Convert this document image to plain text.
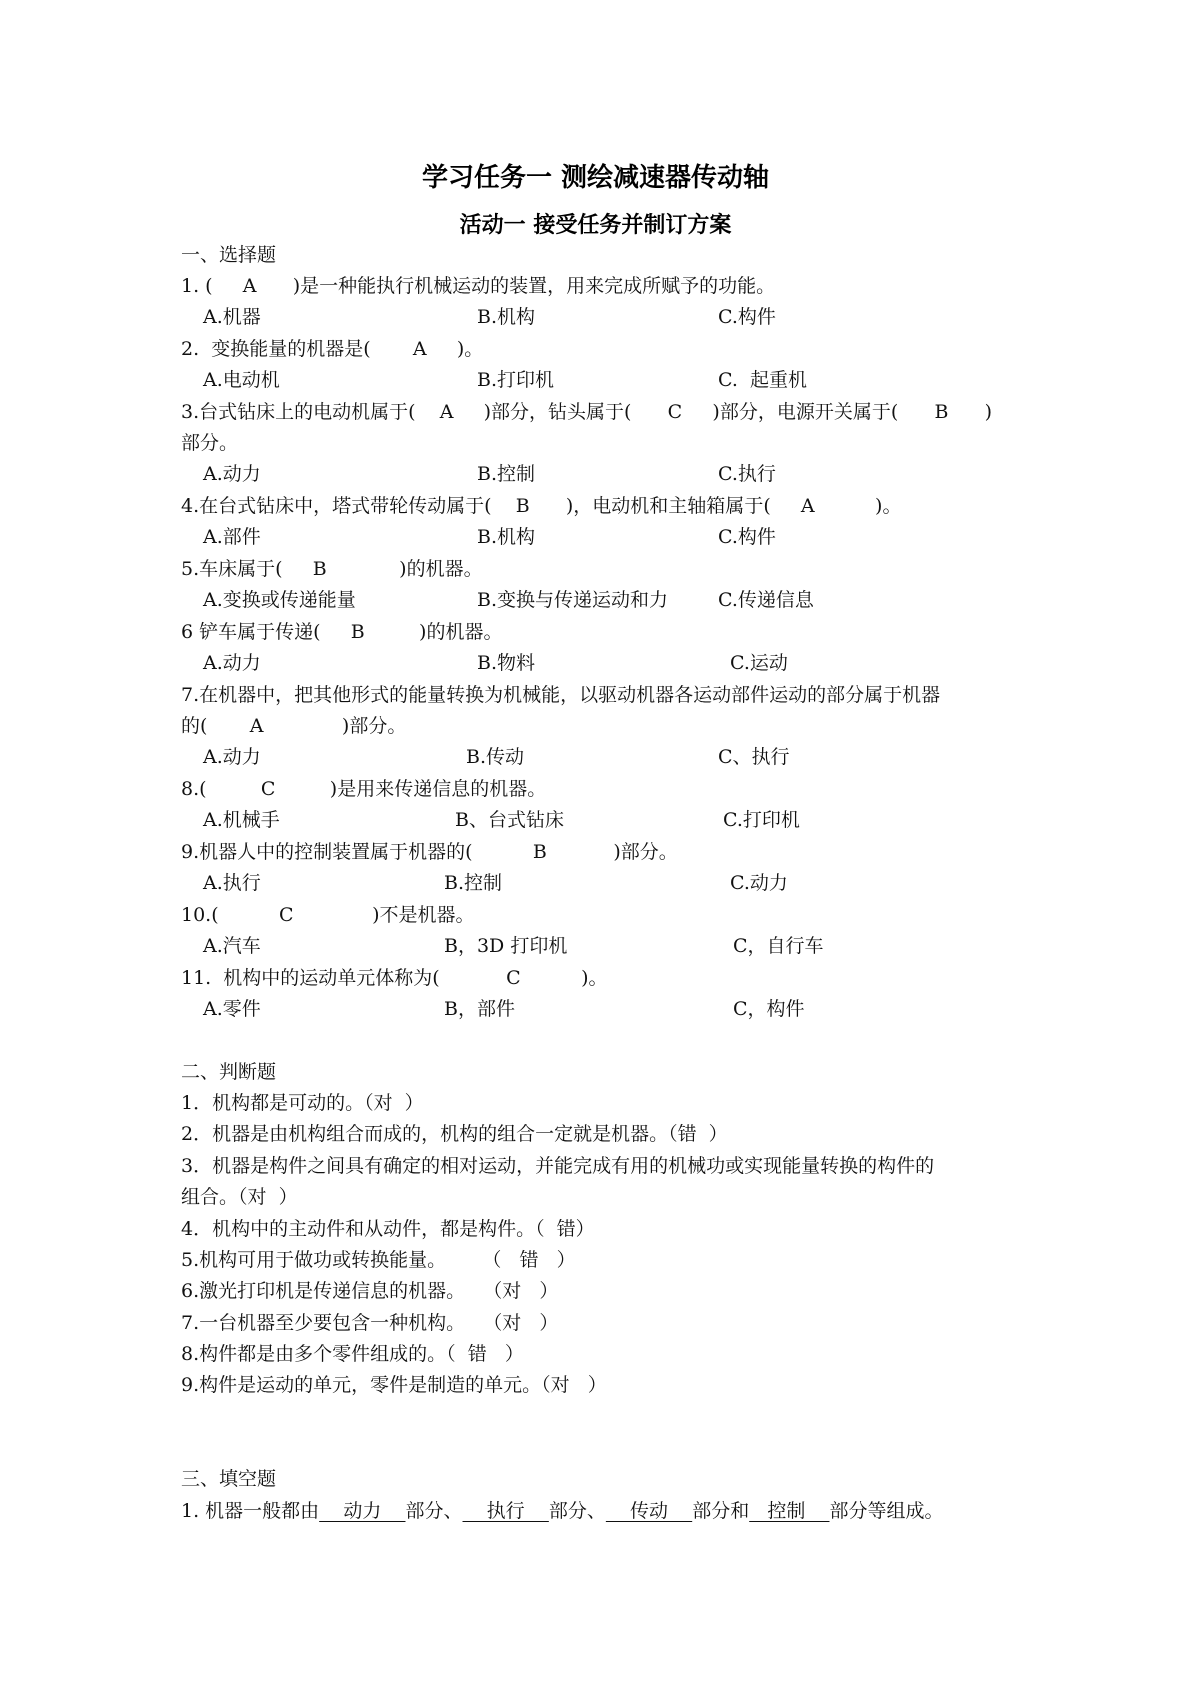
学习任务一 测绘减速器传动轴
活动一 接受任务并制订方案
一、选择题
1. (     A      )是一种能执行机械运动的装置，用来完成所赋予的功能。
A.机器	B.机构	C.构件
2.  变换能量的机器是(       A     )。
A.电动机	B.打印机	C.  起重机
3.台式钻床上的电动机属于(    A     )部分，钻头属于(      C     )部分，电源开关属于(      B      )
部分。
A.动力	B.控制	C.执行
4.在台式钻床中，塔式带轮传动属于(    B      )，电动机和主轴箱属于(     A          )。
A.部件	B.机构	C.构件
5.车床属于(     B            )的机器。
A.变换或传递能量	B.变换与传递运动和力	C.传递信息
6 铲车属于传递(     B         )的机器。
A.动力	B.物料	C.运动
7.在机器中，把其他形式的能量转换为机械能，以驱动机器各运动部件运动的部分属于机器
的(       A             )部分。
A.动力	B.传动	C、执行
8.(         C         )是用来传递信息的机器。
A.机械手	B、台式钻床	C.打印机
9.机器人中的控制装置属于机器的(          B           )部分。
A.执行	B.控制	C.动力
10.(          C             )不是机器。
A.汽车	B，3D 打印机	C，自行车
11.  机构中的运动单元体称为(           C          )。
A.零件	B，部件	C，构件
二、判断题
1．机构都是可动的。（对  ）
2．机器是由机构组合而成的，机构的组合一定就是机器。（错  ）
3．机器是构件之间具有确定的相对运动，并能完成有用的机械功或实现能量转换的构件的
组合。（对  ）
4．机构中的主动件和从动件，都是构件。（  错）
5.机构可用于做功或转换能量。      （   错   ）
6.激光打印机是传递信息的机器。   （对   ）
7.一台机器至少要包含一种机构。   （对   ）
8.构件都是由多个零件组成的。（  错   ）
9.构件是运动的单元，零件是制造的单元。（对   ）
三、填空题
1. 机器一般都由    动力    部分、    执行    部分、    传动    部分和   控制    部分等组成。
